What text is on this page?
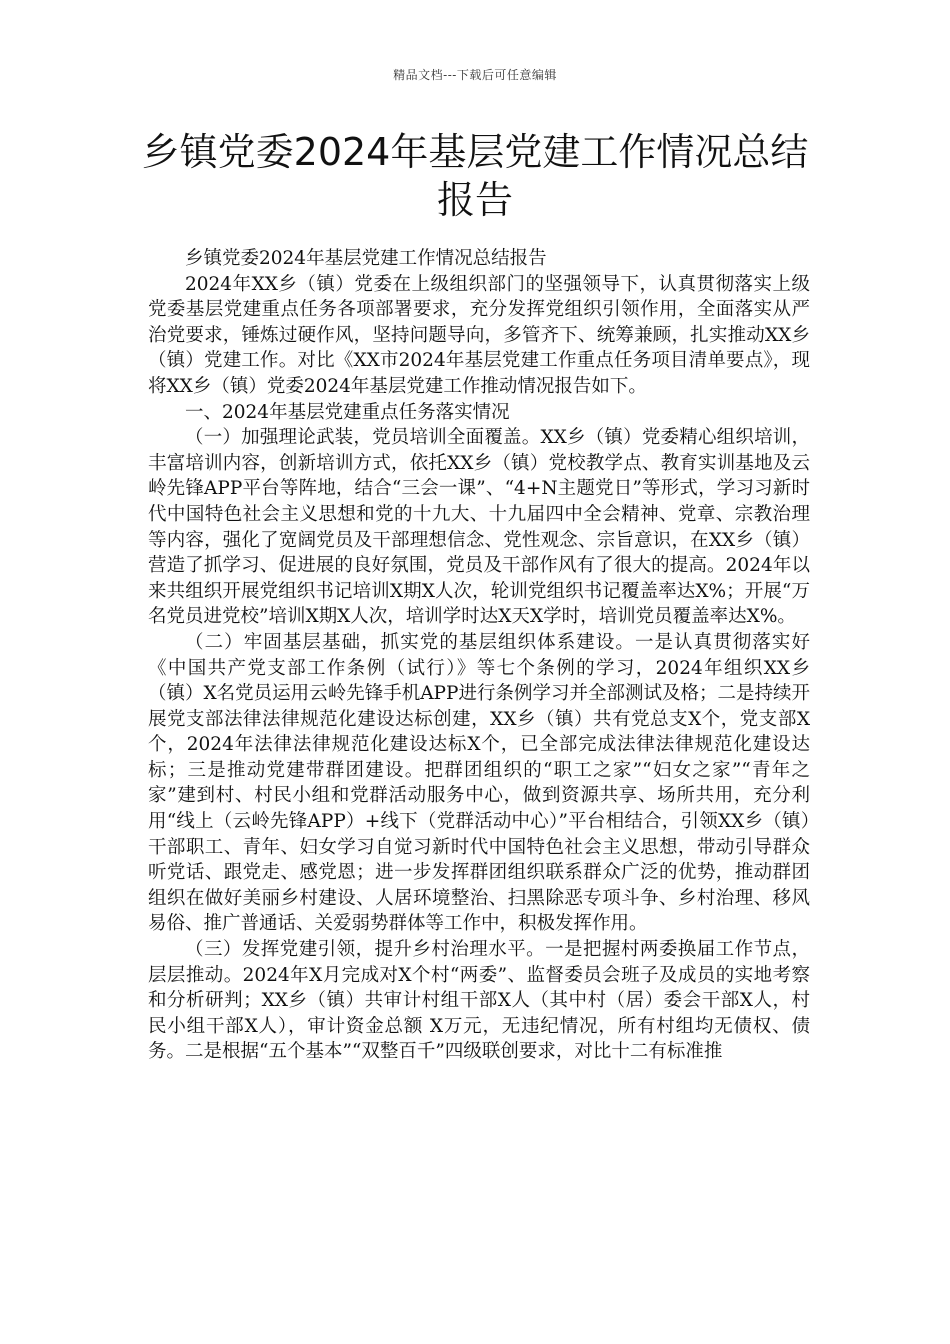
精品文档---下载后可任意编辑
乡镇党委2024年基层党建工作情况总结报告

乡镇党委2024年基层党建工作情况总结报告

2024年XX乡（镇）党委在上级组织部门的坚强领导下，认真贯彻落实上级党委基层党建重点任务各项部署要求，充分发挥党组织引领作用，全面落实从严治党要求，锤炼过硬作风，坚持问题导向，多管齐下、统筹兼顾，扎实推动XX乡（镇）党建工作。对比《XX市2024年基层党建工作重点任务项目清单要点》，现将XX乡（镇）党委2024年基层党建工作推动情况报告如下。

一、2024年基层党建重点任务落实情况

（一）加强理论武装，党员培训全面覆盖。XX乡（镇）党委精心组织培训，丰富培训内容，创新培训方式，依托XX乡（镇）党校教学点、教育实训基地及云岭先锋APP平台等阵地，结合“三会一课”、“4+N主题党日”等形式，学习习新时代中国特色社会主义思想和党的十九大、十九届四中全会精神、党章、宗教治理等内容，强化了宽阔党员及干部理想信念、党性观念、宗旨意识，在XX乡（镇）营造了抓学习、促进展的良好氛围，党员及干部作风有了很大的提高。2024年以来共组织开展党组织书记培训X期X人次，轮训党组织书记覆盖率达X%；开展“万名党员进党校”培训X期X人次，培训学时达X天X学时，培训党员覆盖率达X%。

（二）牢固基层基础，抓实党的基层组织体系建设。一是认真贯彻落实好《中国共产党支部工作条例（试行）》等七个条例的学习，2024年组织XX乡（镇）X名党员运用云岭先锋手机APP进行条例学习并全部测试及格；二是持续开展党支部法律法律规范化建设达标创建，XX乡（镇）共有党总支X个，党支部X个，2024年法律法律规范化建设达标X个，已全部完成法律法律规范化建设达标；三是推动党建带群团建设。把群团组织的“职工之家”“妇女之家”“青年之家”建到村、村民小组和党群活动服务中心，做到资源共享、场所共用，充分利用“线上（云岭先锋APP）+线下（党群活动中心）”平台相结合，引领XX乡（镇）干部职工、青年、妇女学习自觉习新时代中国特色社会主义思想，带动引导群众听党话、跟党走、感党恩；进一步发挥群团组织联系群众广泛的优势，推动群团组织在做好美丽乡村建设、人居环境整治、扫黑除恶专项斗争、乡村治理、移风易俗、推广普通话、关爱弱势群体等工作中，积极发挥作用。

（三）发挥党建引领，提升乡村治理水平。一是把握村两委换届工作节点，层层推动。2024年X月完成对X个村“两委”、监督委员会班子及成员的实地考察和分析研判；XX乡（镇）共审计村组干部X人（其中村（居）委会干部X人，村民小组干部X人），审计资金总额 X万元，无违纪情况，所有村组均无债权、债务。二是根据“五个基本”“双整百千”四级联创要求，对比十二有标准推
